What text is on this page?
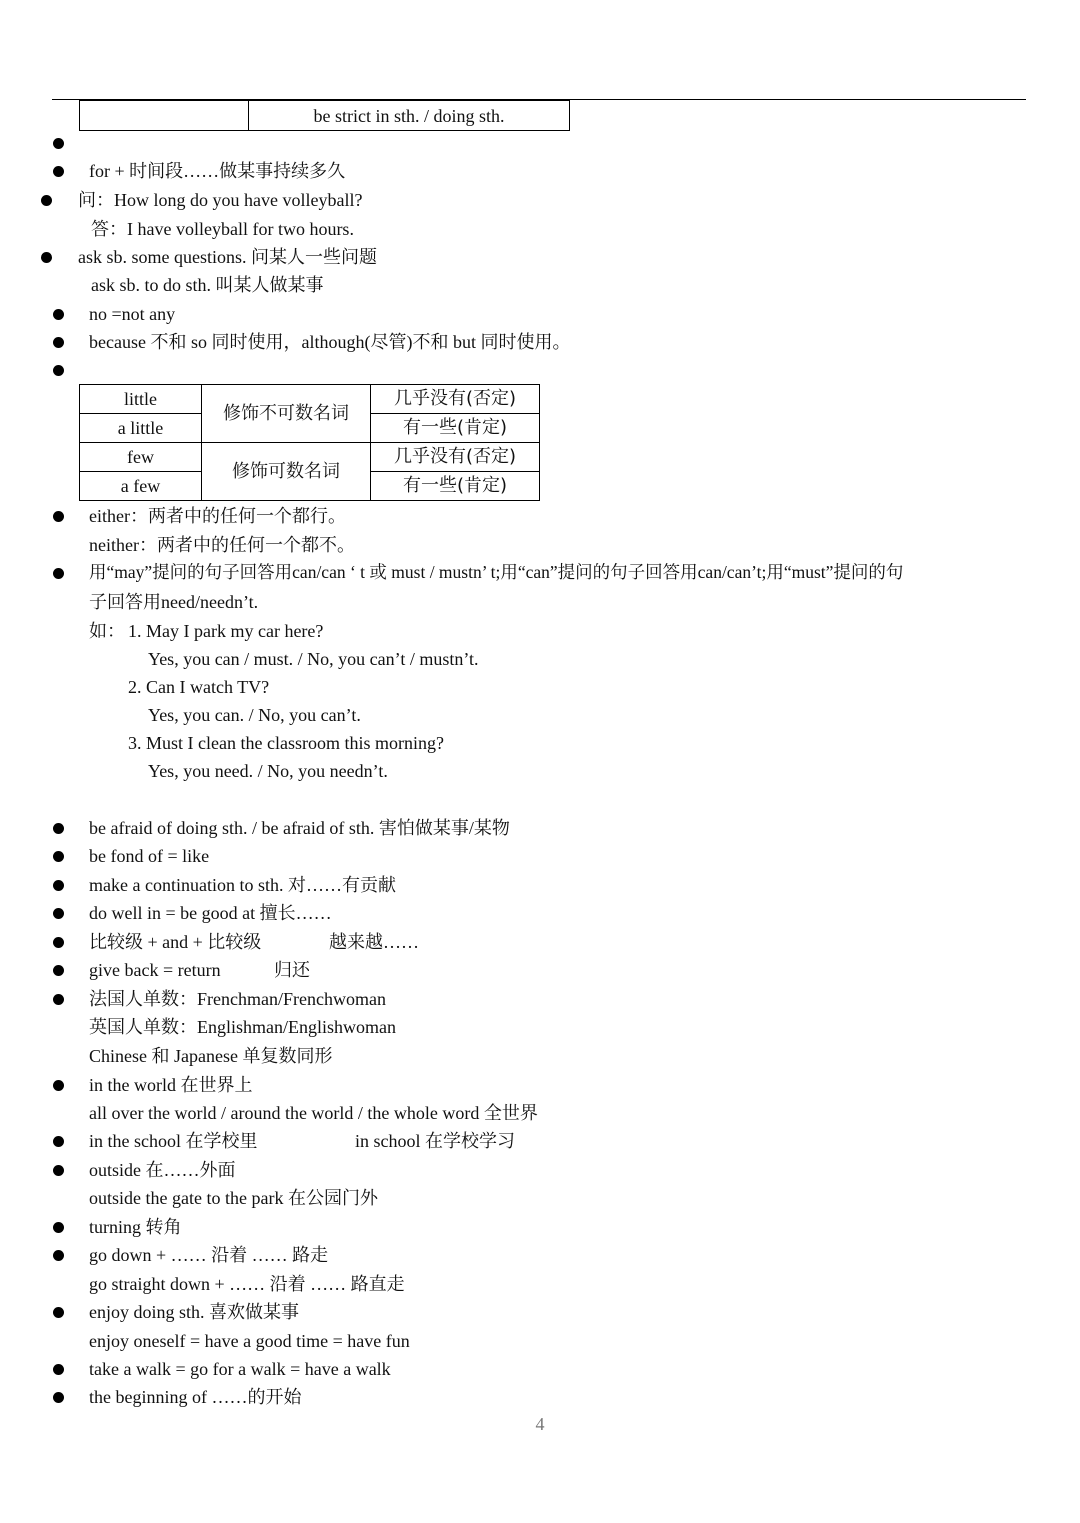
	be strict in sth. / doing sth.
for + 时间段……做某事持续多久
问：How long do you have volleyball?
答：I have volleyball for two hours.
ask sb. some questions. 问某人一些问题
ask sb. to do sth. 叫某人做某事
no =not any
because 不和 so 同时使用，although(尽管)不和 but 同时使用。
little	修饰不可数名词	几乎没有(否定)
a little		有一些(肯定)
few	修饰可数名词	几乎没有(否定)
a few		有一些(肯定)
either：两者中的任何一个都行。
neither：两者中的任何一个都不。
用“may”提问的句子回答用can/can ‘ t 或 must / mustn’ t;用“can”提问的句子回答用can/can’t;用“must”提问的句
子回答用need/needn’t.
如： 1. May I park my car here?
Yes, you can / must. / No, you can’t / mustn’t.
2. Can I watch TV?
Yes, you can. / No, you can’t.
3. Must I clean the classroom this morning?
Yes, you need. / No, you needn’t.
be afraid of doing sth. / be afraid of sth. 害怕做某事/某物
be fond of = like
make a continuation to sth. 对……有贡献
do well in = be good at 擅长……
比较级 + and + 比较级	越来越……
give back = return	归还
法国人单数：Frenchman/Frenchwoman
英国人单数：Englishman/Englishwoman
Chinese 和 Japanese 单复数同形
in the world 在世界上
all over the world / around the world / the whole word 全世界
in the school 在学校里	in school 在学校学习
outside 在……外面
outside the gate to the park 在公园门外
turning 转角
go down + …… 沿着 …… 路走
go straight down + …… 沿着 …… 路直走
enjoy doing sth. 喜欢做某事
enjoy oneself = have a good time = have fun
take a walk = go for a walk = have a walk
the beginning of ……的开始
4
